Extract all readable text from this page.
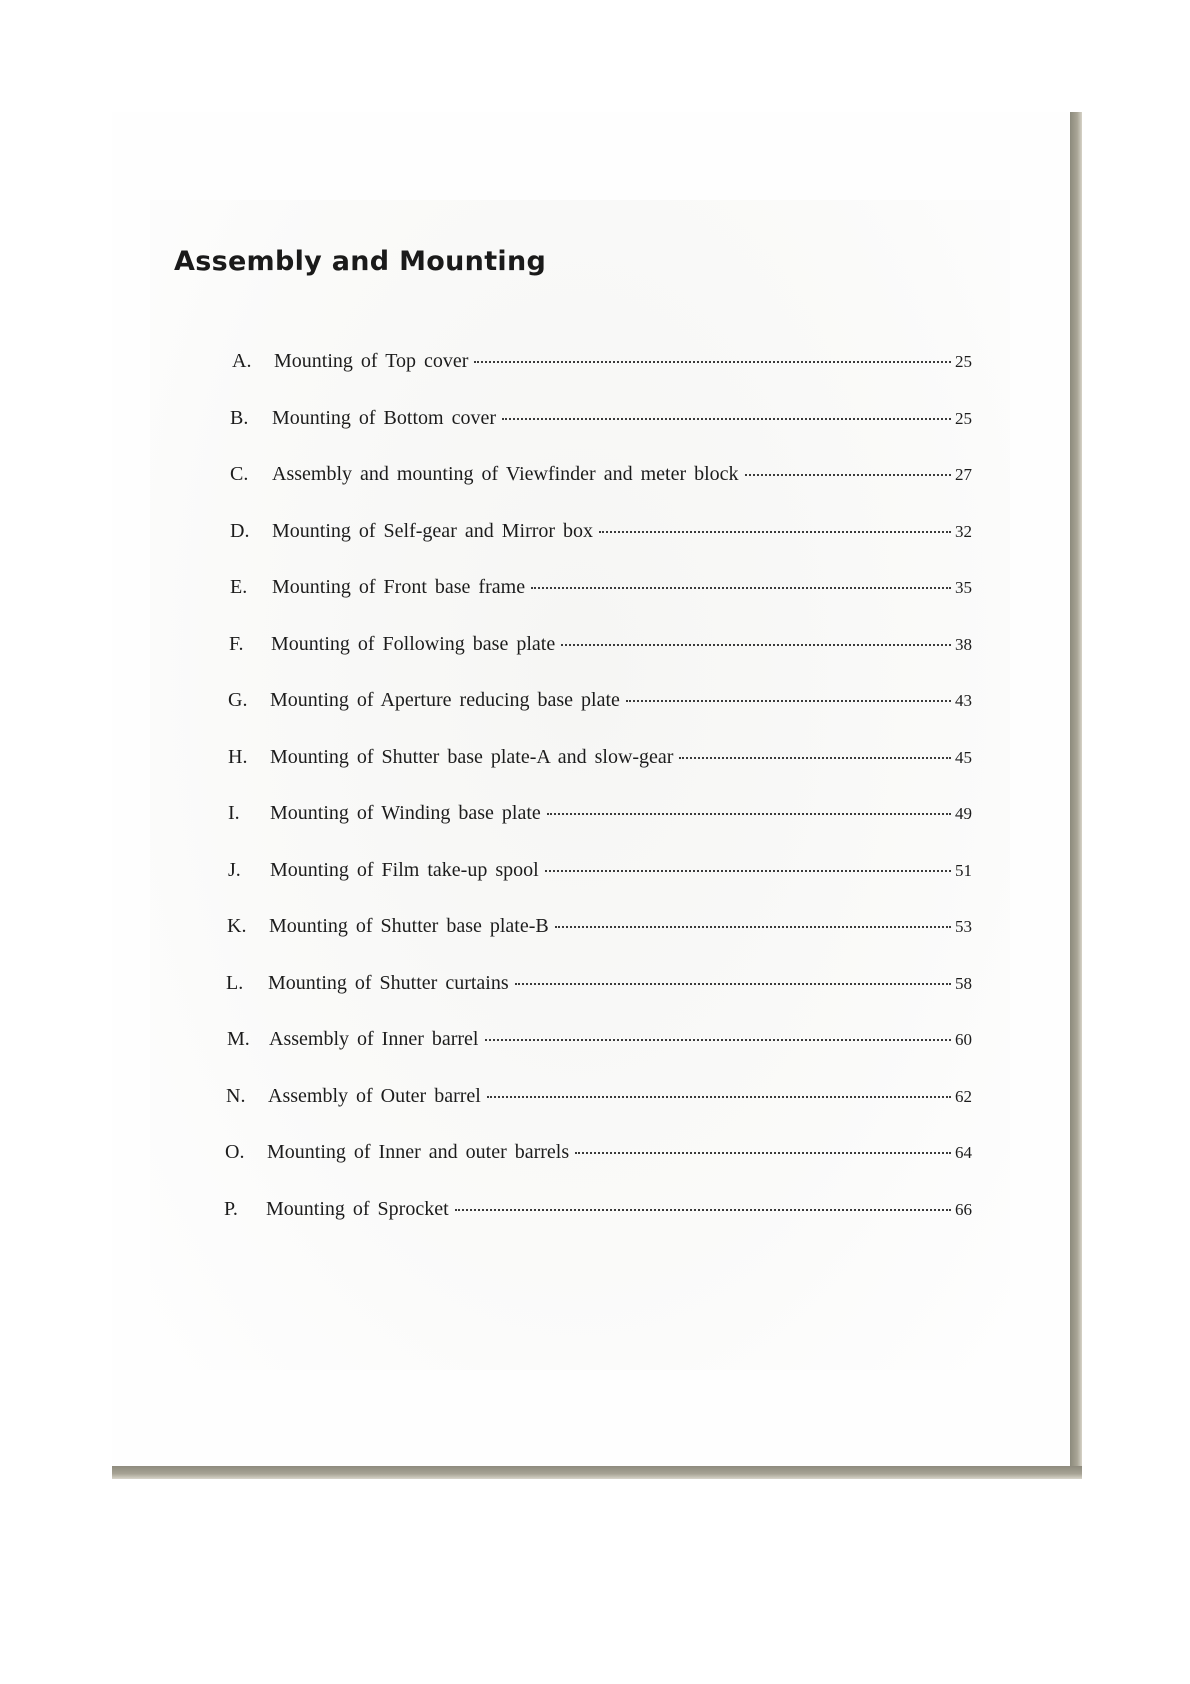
Assembly and Mounting
A.	Mounting of Top cover	25
B.	Mounting of Bottom cover	25
C.	Assembly and mounting of Viewfinder and meter block	27
D.	Mounting of Self-gear and Mirror box	32
E.	Mounting of Front base frame	35
F.	Mounting of Following base plate	38
G.	Mounting of Aperture reducing base plate	43
H.	Mounting of Shutter base plate-A and slow-gear	45
I.	Mounting of Winding base plate	49
J.	Mounting of Film take-up spool	51
K.	Mounting of Shutter base plate-B	53
L.	Mounting of Shutter curtains	58
M. Assembly of Inner barrel	60
N.	Assembly of Outer barrel	62
O.	Mounting of Inner and outer barrels	64
P.	Mounting of Sprocket	66
